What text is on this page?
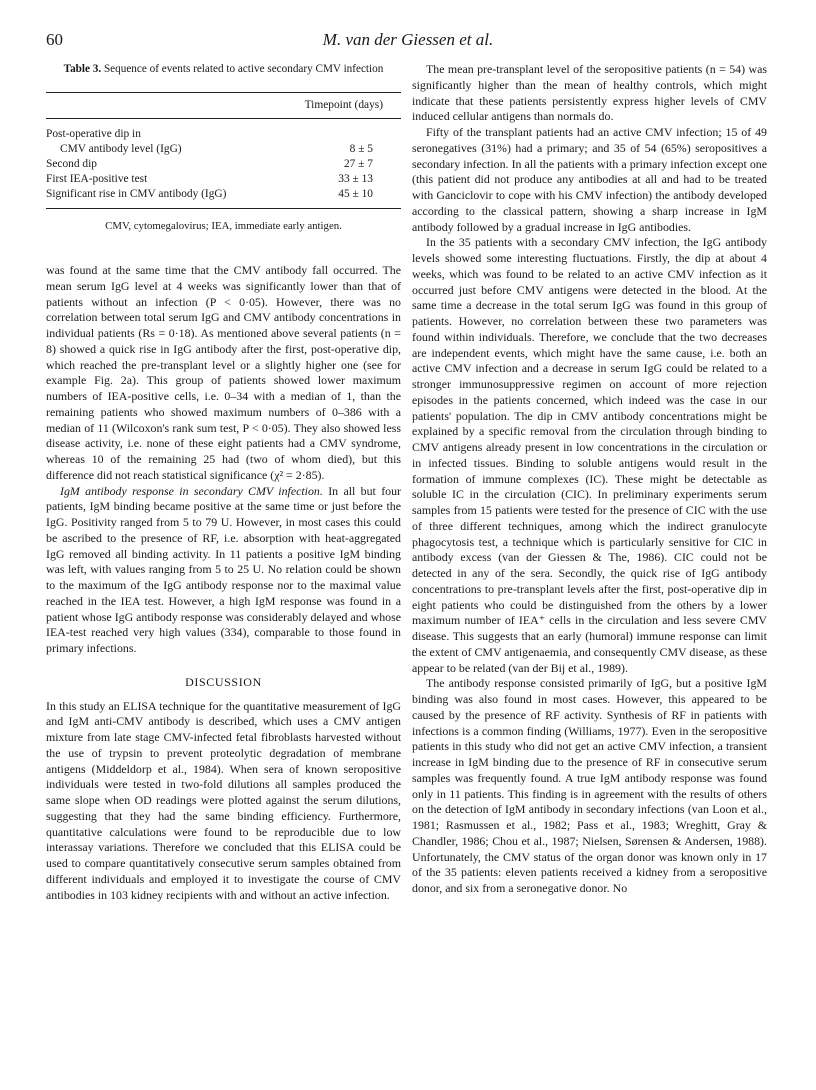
60	M. van der Giessen et al.
Table 3. Sequence of events related to active secondary CMV infection
	Timepoint (days)
Post-operative dip in	
CMV antibody level (IgG)	8 ± 5
Second dip	27 ± 7
First IEA-positive test	33 ± 13
Significant rise in CMV antibody (IgG)	45 ± 10
CMV, cytomegalovirus; IEA, immediate early antigen.

was found at the same time that the CMV antibody fall occurred. The mean serum IgG level at 4 weeks was significantly lower than that of patients without an infection (P < 0·05). However, there was no correlation between total serum IgG and CMV antibody concentrations in individual patients (Rs = 0·18). As mentioned above several patients (n = 8) showed a quick rise in IgG antibody after the first, post-operative dip, which reached the pre-transplant level or a slightly higher one (see for example Fig. 2a). This group of patients showed lower maximum numbers of IEA-positive cells, i.e. 0–34 with a median of 1, than the remaining patients who showed maximum numbers of 0–386 with a median of 11 (Wilcoxon's rank sum test, P < 0·05). They also showed less disease activity, i.e. none of these eight patients had a CMV syndrome, whereas 10 of the remaining 25 had (two of whom died), but this difference did not reach statistical significance (χ² = 2·85).

IgM antibody response in secondary CMV infection. In all but four patients, IgM binding became positive at the same time or just before the IgG. Positivity ranged from 5 to 79 U. However, in most cases this could be ascribed to the presence of RF, i.e. absorption with heat-aggregated IgG removed all binding activity. In 11 patients a positive IgM binding was left, with values ranging from 5 to 25 U. No relation could be shown to the maximum of the IgG antibody response nor to the maximal value reached in the IEA test. However, a high IgM response was found in a patient whose IgG antibody response was considerably delayed and whose IEA-test reached very high values (334), comparable to those found in primary infections.

DISCUSSION

In this study an ELISA technique for the quantitative measurement of IgG and IgM anti-CMV antibody is described, which uses a CMV antigen mixture from late stage CMV-infected fetal fibroblasts harvested without the use of trypsin to prevent proteolytic degradation of membrane antigens (Middeldorp et al., 1984). When sera of known seropositive individuals were tested in two-fold dilutions all samples produced the same slope when OD readings were plotted against the serum dilutions, suggesting that they had the same binding efficiency. Furthermore, quantitative calculations were found to be reproducible due to low interassay variations. Therefore we concluded that this ELISA could be used to compare quantitatively consecutive serum samples obtained from different individuals and employed it to investigate the course of CMV antibodies in 103 kidney recipients with and without an active infection.

The mean pre-transplant level of the seropositive patients (n = 54) was significantly higher than the mean of healthy controls, which might indicate that these patients persistently express higher levels of CMV induced cellular antigens than normals do.

Fifty of the transplant patients had an active CMV infection; 15 of 49 seronegatives (31%) had a primary; and 35 of 54 (65%) seropositives a secondary infection. In all the patients with a primary infection except one (this patient did not produce any antibodies at all and had to be treated with Ganciclovir to cope with his CMV infection) the antibody developed according to the classical pattern, showing a sharp increase in IgM antibody followed by a gradual increase in IgG antibodies.

In the 35 patients with a secondary CMV infection, the IgG antibody levels showed some interesting fluctuations. Firstly, the dip at about 4 weeks, which was found to be related to an active CMV infection as it occurred just before CMV antigens were detected in the blood. At the same time a decrease in the total serum IgG was found in this group of patients. However, no correlation between these two parameters was found within individuals. Therefore, we conclude that the two decreases are independent events, which might have the same cause, i.e. both an active CMV infection and a decrease in serum IgG could be related to a stronger immunosuppressive regimen on account of more rejection episodes in the patients concerned, which indeed was the case in our patients' population. The dip in CMV antibody concentrations might be explained by a specific removal from the circulation through binding to CMV antigens already present in low concentrations in the circulation or in infected tissues. Binding to soluble antigens would result in the formation of immune complexes (IC). These might be detectable as soluble IC in the circulation (CIC). In preliminary experiments serum samples from 15 patients were tested for the presence of CIC with the use of three different techniques, among which the indirect granulocyte phagocytosis test, a technique which is particularly sensitive for CIC in antibody excess (van der Giessen & The, 1986). CIC could not be detected in any of the sera. Secondly, the quick rise of IgG antibody concentrations to pre-transplant levels after the first, post-operative dip in eight patients who could be distinguished from the others by a lower maximum number of IEA⁺ cells in the circulation and less severe CMV disease. This suggests that an early (humoral) immune response can limit the extent of CMV antigenaemia, and consequently CMV disease, as these appear to be related (van der Bij et al., 1989).

The antibody response consisted primarily of IgG, but a positive IgM binding was also found in most cases. However, this appeared to be caused by the presence of RF activity. Synthesis of RF in patients with infections is a common finding (Williams, 1977). Even in the seropositive patients in this study who did not get an active CMV infection, a transient increase in IgM binding due to the presence of RF in consecutive serum samples was frequently found. A true IgM antibody response was found only in 11 patients. This finding is in agreement with the results of others on the detection of IgM antibody in secondary infections (van Loon et al., 1981; Rasmussen et al., 1982; Pass et al., 1983; Wreghitt, Gray & Chandler, 1986; Chou et al., 1987; Nielsen, Sørensen & Andersen, 1988). Unfortunately, the CMV status of the organ donor was known only in 17 of the 35 patients: eleven patients received a kidney from a seropositive donor, and six from a seronegative donor. No
